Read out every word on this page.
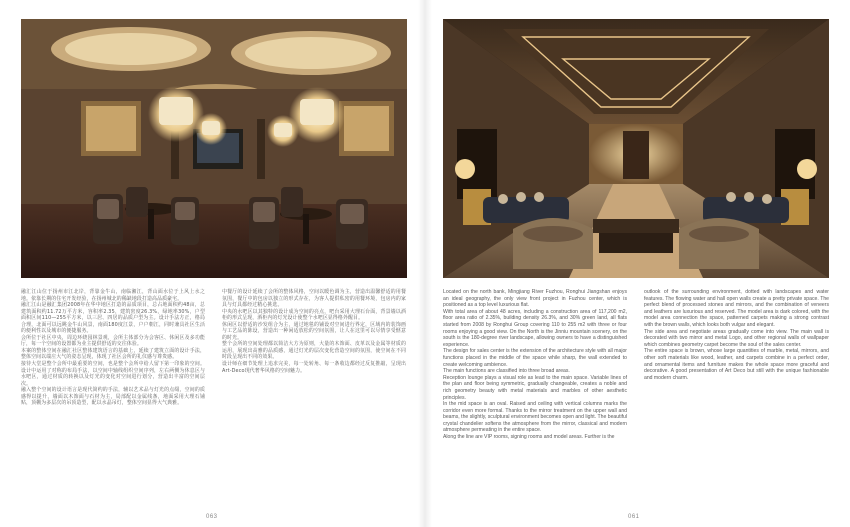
融汇江山位于扬州市江北岸，背靠金牛山，南临湘江，背山面水位于上风上水之地。依靠长期的住宅开发经验，在扬州城北的稀缺地段打造高品质豪宅。

融汇江山是融汇集团2008年在华中地区打造的品质项目，总占地面积约48亩，总建筑面积约11.72万平方米，容积率2.35，建筑密度26.3%，绿地率30%，户型面积区间110—255平方米，以三居、四居的品质户型为主。设计手法方正，格局合理，北面可以远眺金牛山风景，南面180度江景，户户朝江，同时兼具社区生活的便利性以及城市的便捷服务。

会所位于社区中央，周边环绕园林景观，会所主体部分为会客区、休闲区及多功能厅，每一个空间的设置都为业主提供舒适的交往体验。

本案的整体空间在融汇社区整体建筑语言的基础上，延续了建筑立面的设计手法，整体空间以端庄大气的姿态呈现，体现了社区会所的礼仪感与尊贵感。

接待大堂是整个会所中最重要的空间，也是整个会所中给人留下第一印象的空间。设计中运用了对称的布局手法，以空间中轴线组织空间序列，左右两侧为休息区与水吧区，通过材质的转换以及灯光的变化对空间进行划分，营造出丰富的空间层次。

融入整个空间的设计语言是现代简约的手法，辅以艺术品与灯光的点缀，空间的质感得以提升，墙面以木饰面与石材为主，局部配以金属线条，地面采用大理石铺贴，顶棚为多层次的吊顶造型，配以水晶吊灯，整体空间显得大气典雅。

中餐厅的设计延续了会所的整体风格，空间以暖色调为主，营造出温馨舒适的用餐氛围，餐厅中的包房以独立的形式存在，为客人提供私密的用餐环境，包房内的家具与灯具都经过精心挑选。

中央的水吧区以其独特的设计成为空间的亮点，吧台采用大理石台面，背景墙以酒柜的形式呈现，酒柜内的灯光设计使整个水吧区显得格外醒目。

休闲区以舒适的沙发组合为主，通过地毯的铺设对空间进行界定，区域内的装饰画与工艺品的陈设，营造出一种闲适放松的空间氛围，让人在这里可以尽情享受惬意的时光。

整个会所的空间处理都以简洁大方为原则，大量的木饰面、皮革以及金属等材质的运用，展现出高雅的品质感，通过灯光的层次变化营造空间的氛围，使空间在不同时段呈现出不同的效果。

设计师在细节处理上追求完美，每一处转角、每一条收边都经过反复推敲，呈现出Art-Deco现代奢华风格的空间魅力。

Located on the north bank, Mingjiang River Fuzhou, Ronghui Jiangshan enjoys an ideal geography, the only view front project in Fuzhou center, which is positioned as a top level luxurious flat.

With total area of about 48 acres, including a construction area of 117,200 m2, floor area ratio of 2.35%, building density 26.3%, and 30% green land, all flats started from 2008 by Ronghui Group covering 110 to 255 m2 with three or four rooms enjoying a good view. On the North is the Jinniu mountain scenery, on the south is the 180-degree river landscape, allowing owners to have a distinguished experience.

The design for sales center is the extension of the architecture style with all major functions placed in the middle of the space while sharp, the wall extended to create welcoming ambience.

The main functions are classified into three broad areas.

Reception lounge plays a visual role as lead to the main space. Variable lines of the plan and floor being symmetric, gradually changeable, creates a noble and rich geometry beauty with metal materials and marbles of other aesthetic principles.

In the mid space is an oval. Raised and ceiling with vertical columns marks the corridor even more formal. Thanks to the mirror treatment on the upper wall and beams, the slightly, sculptural environment becomes open and light. The beautiful crystal chandelier softens the atmosphere from the mirror, classical and modern atmosphere permeating in the entire space.

Along the line are VIP rooms, signing rooms and model areas. Further is the

outlook of the surrounding environment, dotted with landscapes and water features. The flowing water and hall open walls create a pretty private space. The perfect blend of processed stones and mirrors, and the combination of veneers and leathers are luxurious and reserved. The model area is dark colored, with the model area connection the space, patterned carpets making a strong contrast with the brown walls, which looks both vulgar and elegant.

The side area and negotiate areas gradually come into view. The main wall is decorated with two mirror and metal Logo, and other regional walls of wallpaper which combines geometry carpet become the soul of the sales center.

The entire space is brown, whose large quantities of marble, metal, mirrors, and other soft materials like wood, leather, and carpets combine in a perfect order, and ornamental items and furniture makes the whole space more graceful and decorative. A good presentation of Art Deco but still with the unique fashionable and modern charm.

063	061
